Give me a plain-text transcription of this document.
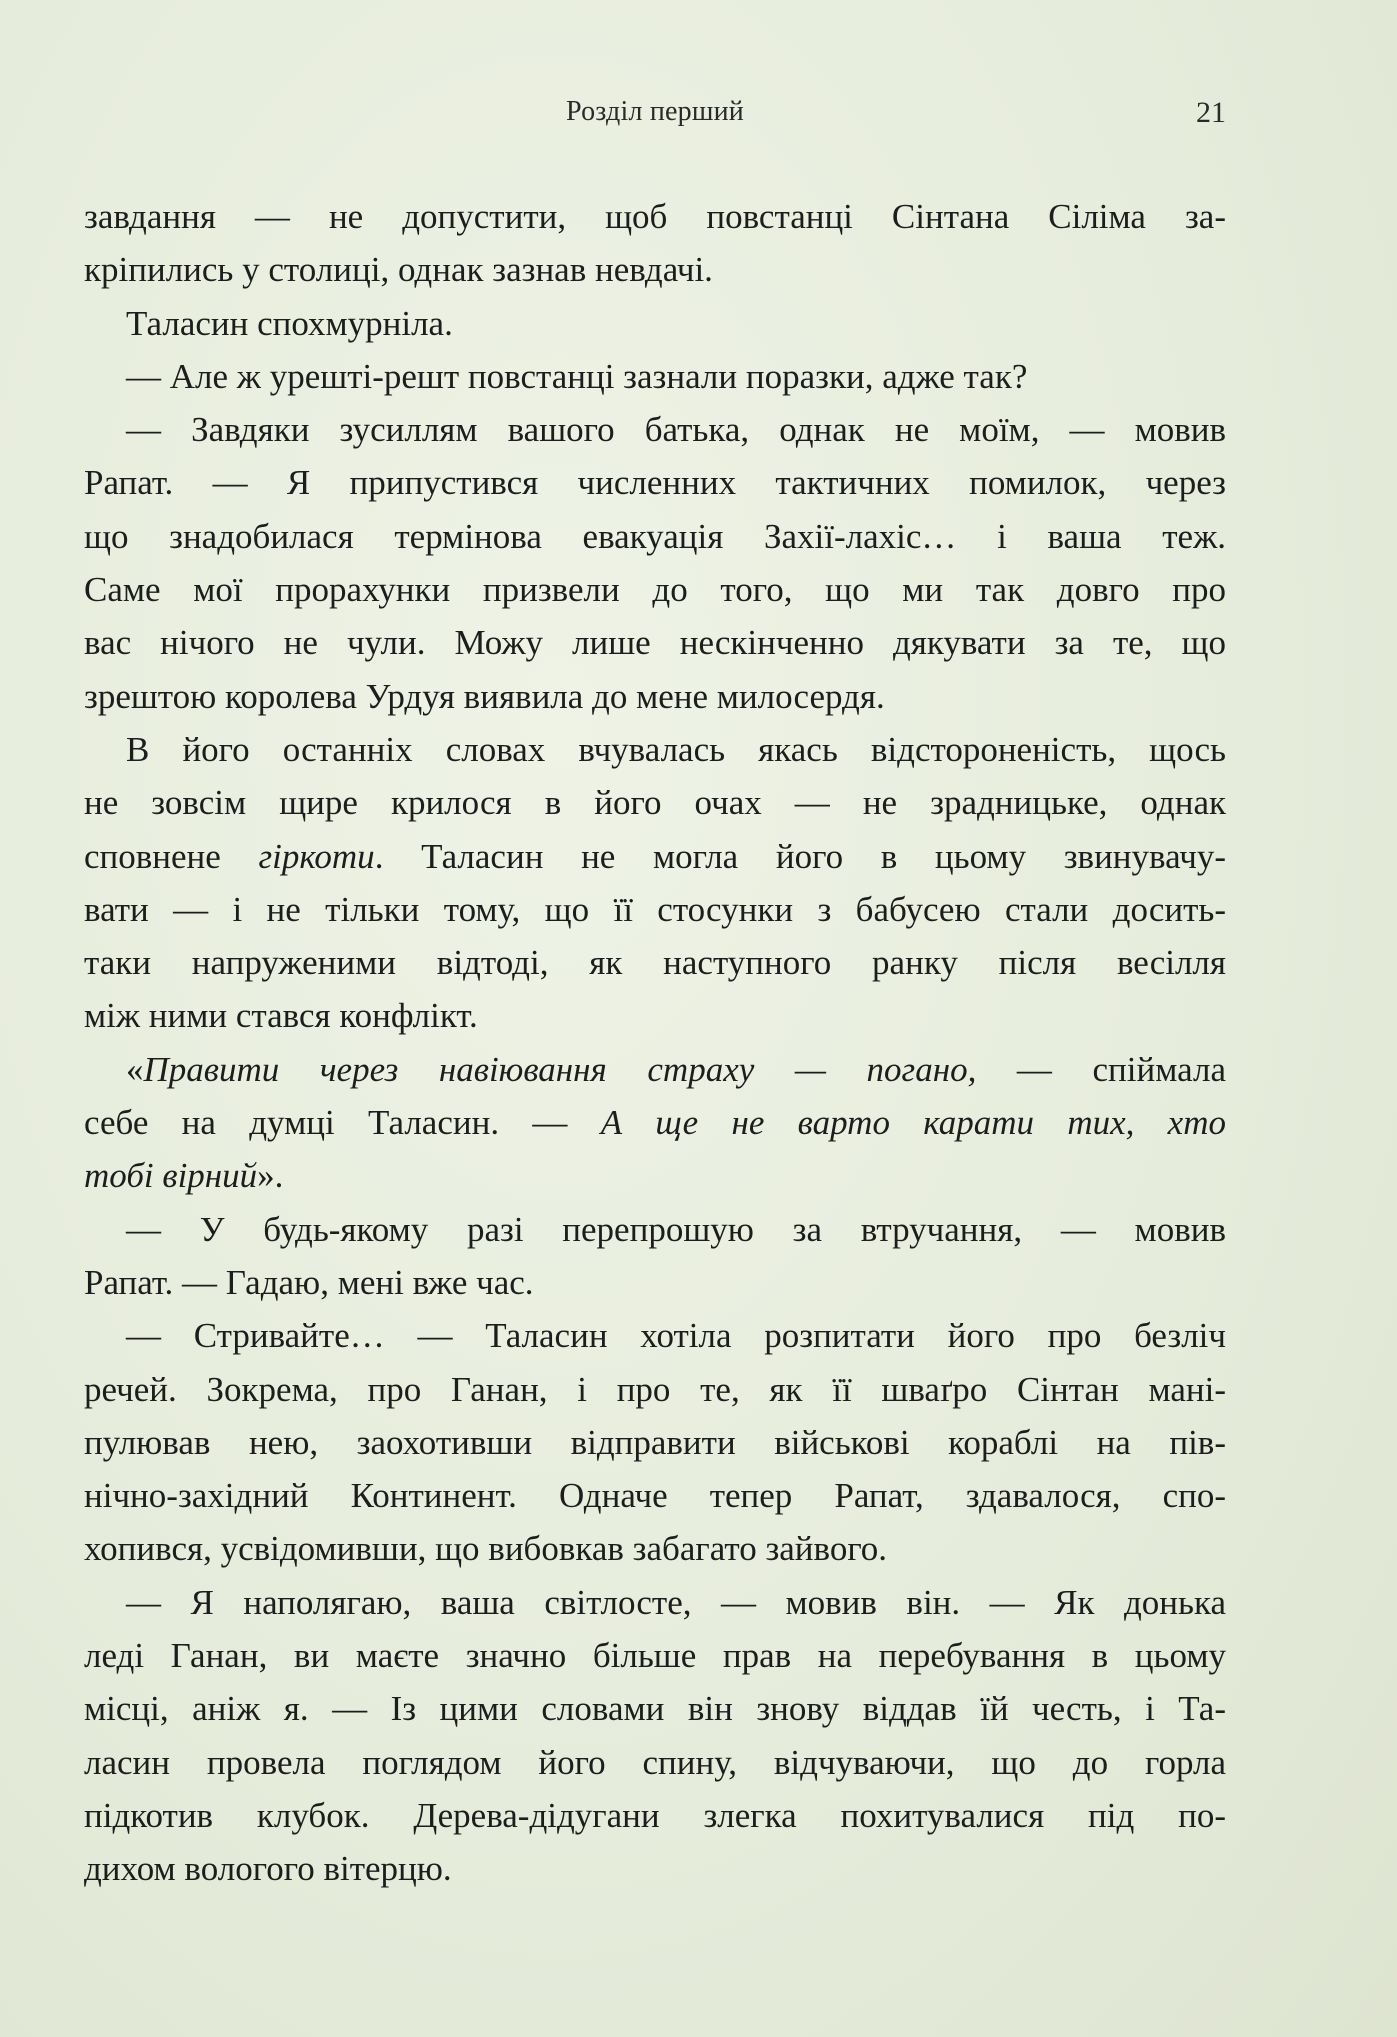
Розділ перший	21
завдання — не допустити, щоб повстанці Сінтана Сіліма за-
кріпились у столиці, однак зазнав невдачі.
Таласин спохмурніла.
— Але ж урешті-решт повстанці зазнали поразки, адже так?
— Завдяки зусиллям вашого батька, однак не моїм, — мовив
Рапат. — Я припустився численних тактичних помилок, через
що знадобилася термінова евакуація Захії-лахіс… і ваша теж.
Саме мої прорахунки призвели до того, що ми так довго про
вас нічого не чули. Можу лише нескінченно дякувати за те, що
зрештою королева Урдуя виявила до мене милосердя.
В його останніх словах вчувалась якась відстороненість, щось
не зовсім щире крилося в його очах — не зрадницьке, однак
сповнене гіркоти. Таласин не могла його в цьому звинувачу-
вати — і не тільки тому, що її стосунки з бабусею стали досить-
таки напруженими відтоді, як наступного ранку після весілля
між ними стався конфлікт.
«Правити через навіювання страху — погано, — спіймала
себе на думці Таласин. — А ще не варто карати тих, хто
тобі вірний».
— У будь-якому разі перепрошую за втручання, — мовив
Рапат. — Гадаю, мені вже час.
— Стривайте… — Таласин хотіла розпитати його про безліч
речей. Зокрема, про Ганан, і про те, як її шваґро Сінтан мані-
пулював нею, заохотивши відправити військові кораблі на пів-
нічно-західний Континент. Одначе тепер Рапат, здавалося, спо-
хопився, усвідомивши, що вибовкав забагато зайвого.
— Я наполягаю, ваша світлосте, — мовив він. — Як донька
леді Ганан, ви маєте значно більше прав на перебування в цьому
місці, аніж я. — Із цими словами він знову віддав їй честь, і Та-
ласин провела поглядом його спину, відчуваючи, що до горла
підкотив клубок. Дерева-дідугани злегка похитувалися під по-
дихом вологого вітерцю.
